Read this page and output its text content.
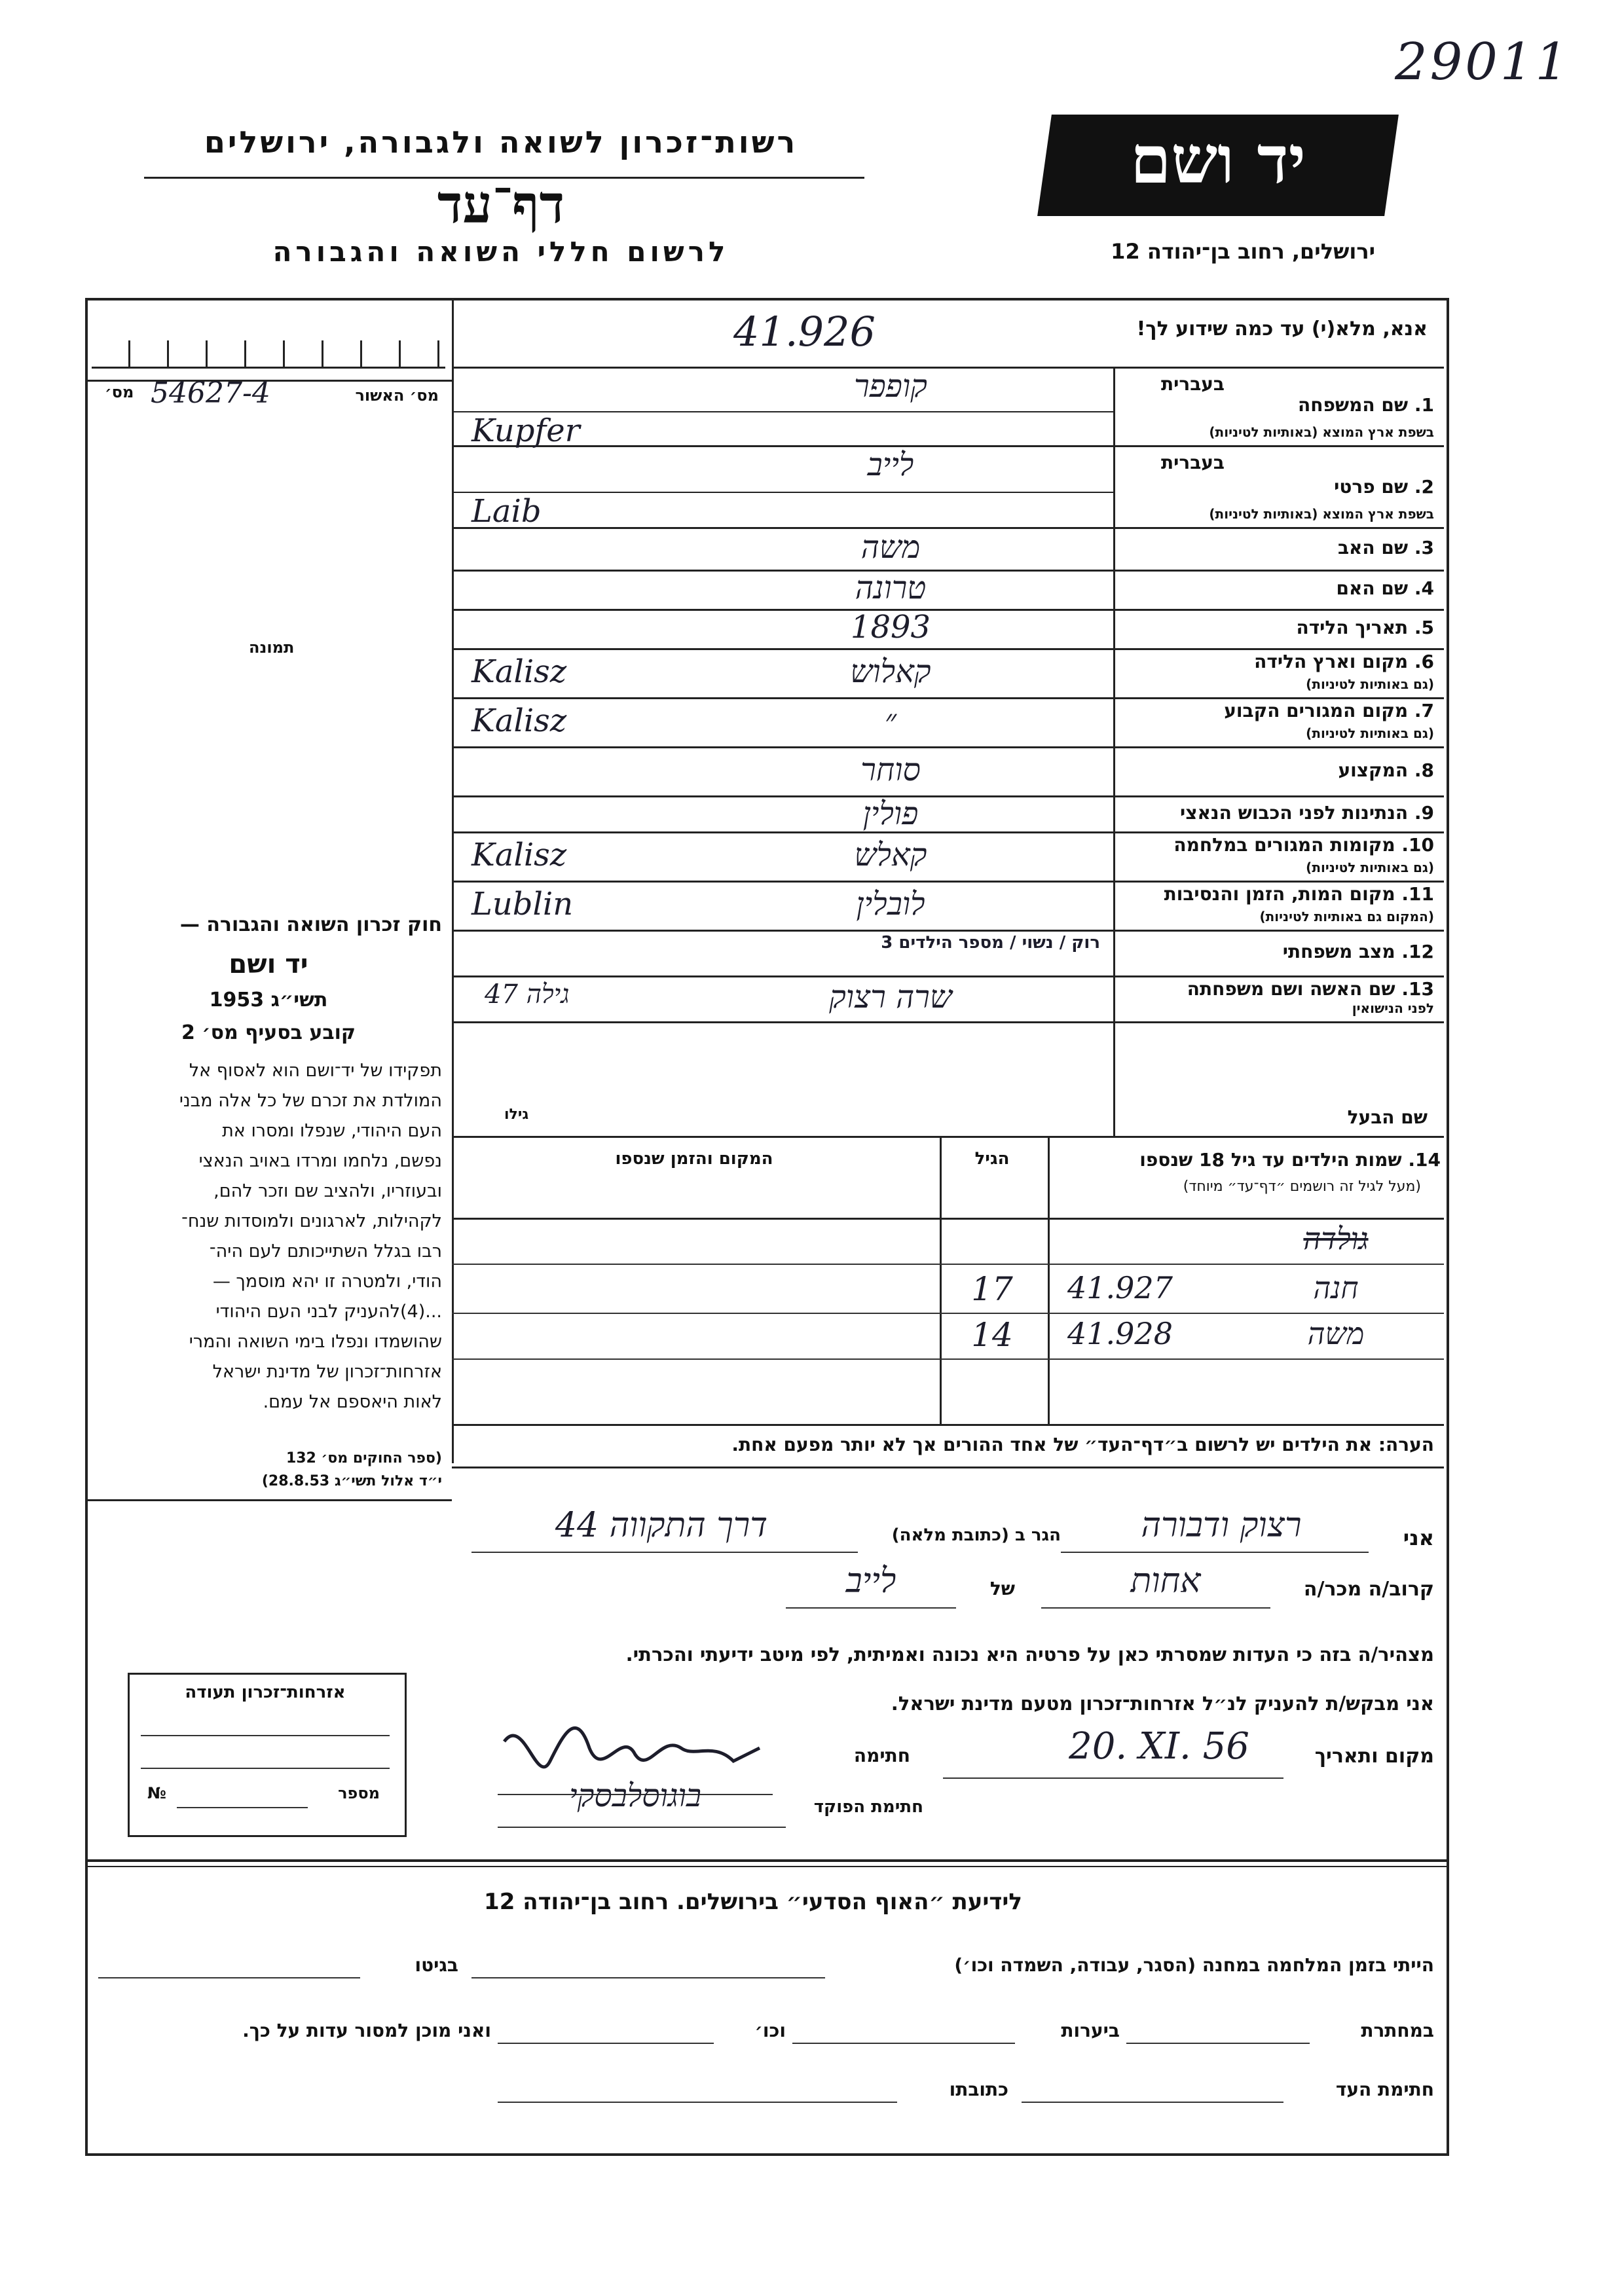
29011
יד ושם
ירושלים, רחוב בן־יהודה 12
רשות־זכרון לשואה ולגבורה, ירושלים
דף־עד
לרשום חללי השואה והגבורה
אנא, מלא(י) עד כמה שידוע לך!
41.926
מס׳ 54627-4	מס׳ האשור
תמונה
1. שם המשפחה
בשפת ארץ המוצא (באותיות לטיניות)
בעברית
קופפר
Kupfer
2. שם פרטי
בשפת ארץ המוצא (באותיות לטיניות)
בעברית
לייב
Laib
3. שם האב
משה
4. שם האם
טרונה
5. תאריך הלידה
1893
6. מקום וארץ הלידה
(גם באותיות לטיניות)
קאלוש
Kalisz
7. מקום המגורים הקבוע
(גם באותיות לטיניות)
״
Kalisz
8. המקצוע
סוחר
9. הנתינות לפני הכבוש הנאצי
פולין
10. מקומות המגורים במלחמה
(גם באותיות לטיניות)
קאלש
Kalisz
11. מקום המות, הזמן והנסיבות
(המקום גם באותיות לטיניות)
לובלין
Lublin
12. מצב משפחתי
רוק / נשוי / מספר הילדים 3
13. שם האשה ושם משפחתה
לפני הנישואין
שרה רצוק
גילה 47
שם הבעל
גילו
14. שמות הילדים עד גיל 18 שנספו
(מעל לגיל זה רושמים ״דף־עד״ מיוחד)
הגיל
המקום והזמן שנספו
גולדה
חנה
41.927
17
משה
41.928
14
הערה: את הילדים יש לרשום ב״דף־העד״ של אחד ההורים אך לא יותר מפעם אחת.
חוק זכרון השואה והגבורה —
יד ושם
תשי״ג 1953
קובע בסעיף מס׳ 2
תפקידו של יד־ושם הוא לאסוף אל
המולדת את זכרם של כל אלה מבני
העם היהודי, שנפלו ומסרו את
נפשם, נלחמו ומרדו באויב הנאצי
ובעוזריו, ולהציב שם וזכר להם,
לקהילות, לארגונים ולמוסדות שנח־
רבו בגלל השתייכותם לעם היה־
הודי, ולמטרה זו יהא מוסמך —
...(4)להעניק לבני העם היהודי
שהושמדו ונפלו בימי השואה והמרי
אזרחות־זכרון של מדינת ישראל
לאות היאספם אל עמם.
(ספר החוקים מס׳ 132
י״ד אלול תשי״ג 28.8.53)
אני
רצוק ודבורה
הגר ב (כתובת מלאה)
דרך התקווה 44
קרוב/ה מכר/ה
אחות
של
לייב
מצהיר/ה בזה כי העדות שמסרתי כאן על פרטיה היא נכונה ואמיתית, לפי מיטב ידיעתי והכרתי.
אני מבקש/ת להעניק לנ״ל אזרחות־זכרון מטעם מדינת ישראל.
מקום ותאריך
20. XI. 56
חתימה
חתימת הפוקד
בוגוסלבסקי
אזרחות־זכרון תעודה
№	מספר
לידיעת ״האוף הסדעי״ בירושלים. רחוב בן־יהודה 12
הייתי בזמן המלחמה במחנה (הסגר, עבודה, השמדה וכו׳)
בגיטו
במחתרת
ביערות
וכו׳
ואני מוכן למסור עדות על כך.
חתימת העד
כתובתו
